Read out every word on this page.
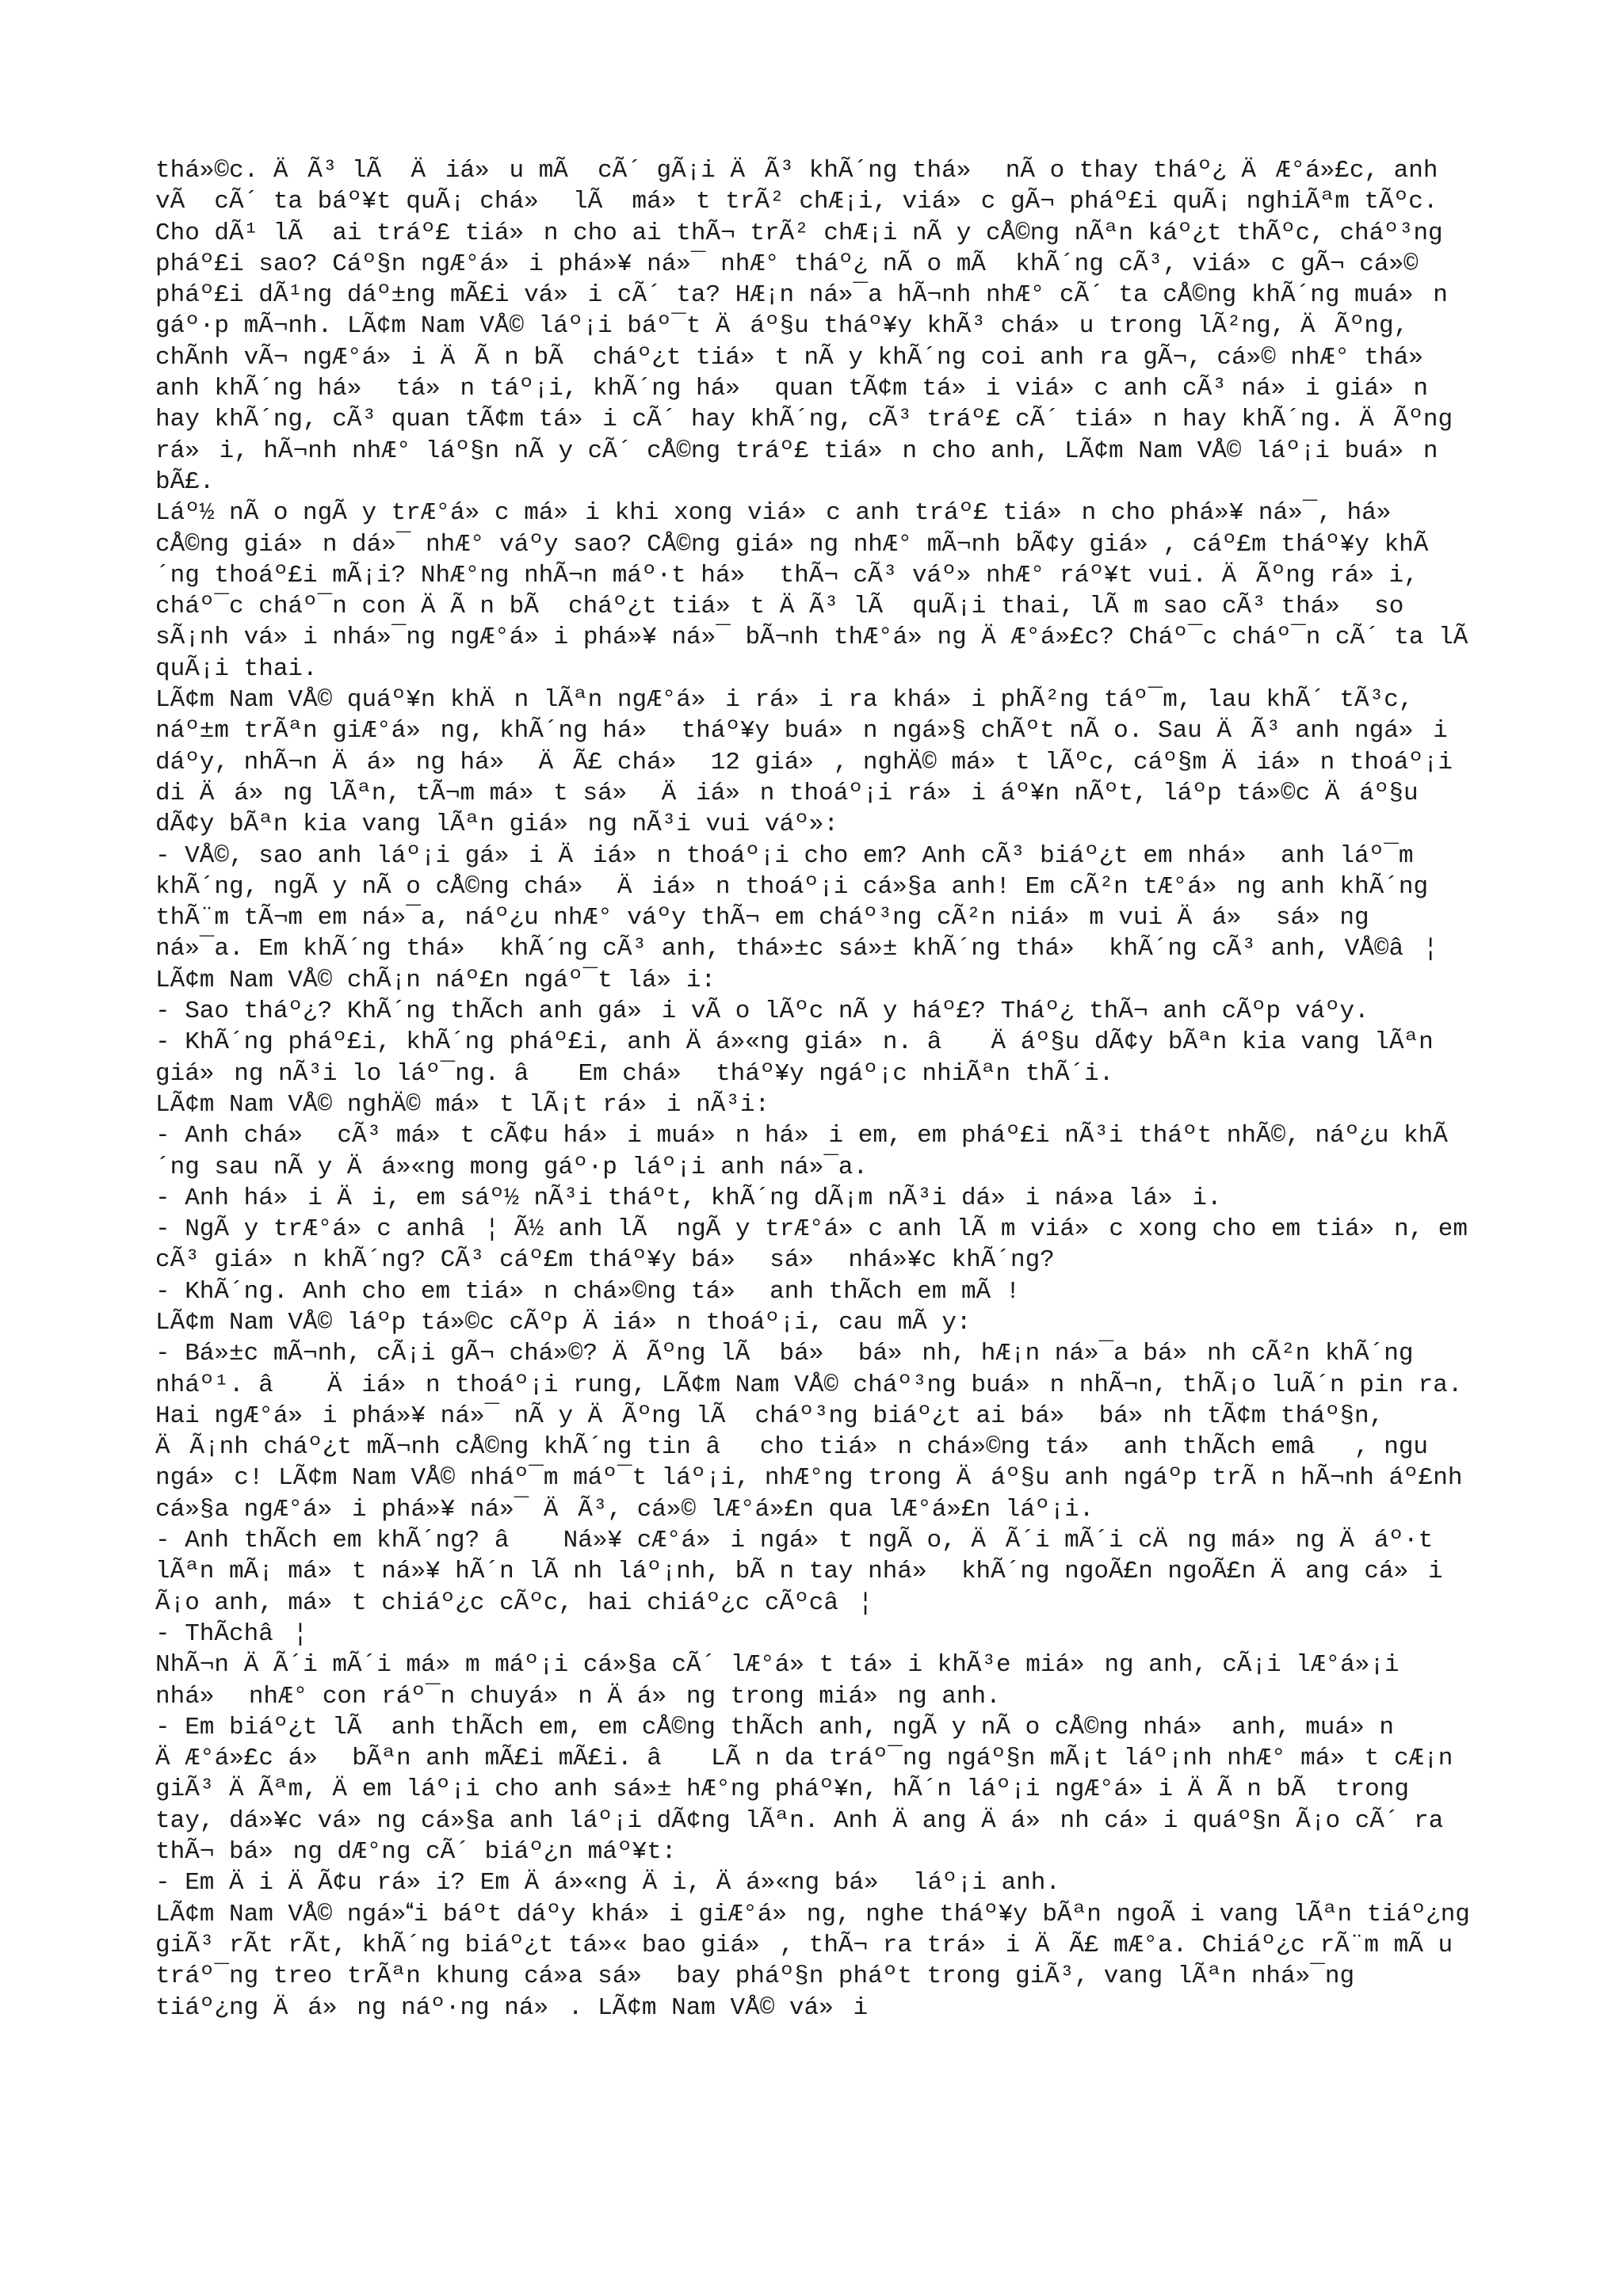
thá»©c. ÄÃ³ lÃ  Äiá»u mÃ  cÃ´ gÃ¡i ÄÃ³ khÃ´ng thá» nÃ o thay tháº¿ ÄÆ°á»£c, anh vÃ  cÃ´ ta báº¥t quÃ¡ chá» lÃ  má»t trÃ² chÆ¡i, viá»c gÃ¬ pháº£i quÃ¡ nghiÃªm tÃºc. Cho dÃ¹ lÃ  ai tráº£ tiá»n cho ai thÃ¬ trÃ² chÆ¡i nÃ y cÅ©ng nÃªn káº¿t thÃºc, cháº³ng pháº£i sao? Cáº§n ngÆ°á»i phá»¥ ná»¯ nhÆ° tháº¿ nÃ o mÃ  khÃ´ng cÃ³, viá»c gÃ¬ cá»© pháº£i dÃ¹ng dáº±ng mÃ£i vá»i cÃ´ ta? HÆ¡n ná»¯a hÃ¬nh nhÆ° cÃ´ ta cÅ©ng khÃ´ng muá»n gáº·p mÃ¬nh. LÃ¢m Nam VÅ© láº¡i báº¯t Äáº§u tháº¥y khÃ³ chá»u trong lÃ²ng, ÄÃºng, chÃnh vÃ¬ ngÆ°á»i ÄÃ n bÃ  cháº¿t tiá»t nÃ y khÃ´ng coi anh ra gÃ¬, cá»© nhÆ° thá» anh khÃ´ng há» tá»n táº¡i, khÃ´ng há» quan tÃ¢m tá»i viá»c anh cÃ³ ná»i giá»n hay khÃ´ng, cÃ³ quan tÃ¢m tá»i cÃ´ hay khÃ´ng, cÃ³ tráº£ cÃ´ tiá»n hay khÃ´ng. ÄÃºng rá»i, hÃ¬nh nhÆ° láº§n nÃ y cÃ´ cÅ©ng tráº£ tiá»n cho anh, LÃ¢m Nam VÅ© láº¡i buá»n bÃ£.

Láº½ nÃ o ngÃ y trÆ°á»c má»i khi xong viá»c anh tráº£ tiá»n cho phá»¥ ná»¯, há» cÅ©ng giá»n dá»¯ nhÆ° váºy sao? CÅ©ng giá»ng nhÆ° mÃ¬nh bÃ¢y giá», cáº£m tháº¥y khÃ´ng thoáº£i mÃ¡i? NhÆ°ng nhÃ¬n máº·t há» thÃ¬ cÃ³ váº» nhÆ° ráº¥t vui. ÄÃºng rá»i, cháº¯c cháº¯n con ÄÃ n bÃ  cháº¿t tiá»t ÄÃ³ lÃ  quÃ¡i thai, lÃ m sao cÃ³ thá» so sÃ¡nh vá»i nhá»¯ng ngÆ°á»i phá»¥ ná»¯ bÃ¬nh thÆ°á»ng ÄÆ°á»£c? Cháº¯c cháº¯n cÃ´ ta lÃ  quÃ¡i thai.

LÃ¢m Nam VÅ© quáº¥n khÄn lÃªn ngÆ°á»i rá»i ra khá»i phÃ²ng táº¯m, lau khÃ´ tÃ³c, náº±m trÃªn giÆ°á»ng, khÃ´ng há» tháº¥y buá»n ngá»§ chÃºt nÃ o. Sau ÄÃ³ anh ngá»i dáºy, nhÃ¬n Äá»ng há» ÄÃ£ chá» 12 giá», nghÄ© má»t lÃºc, cáº§m Äiá»n thoáº¡i di Äá»ng lÃªn, tÃ¬m má»t sá» Äiá»n thoáº¡i rá»i áº¥n nÃºt, láºp tá»©c Äáº§u dÃ¢y bÃªn kia vang lÃªn giá»ng nÃ³i vui váº»:

- VÅ©, sao anh láº¡i gá»i Äiá»n thoáº¡i cho em? Anh cÃ³ biáº¿t em nhá» anh láº¯m khÃ´ng, ngÃ y nÃ o cÅ©ng chá» Äiá»n thoáº¡i cá»§a anh! Em cÃ²n tÆ°á»ng anh khÃ´ng thÃ¨m tÃ¬m em ná»¯a, náº¿u nhÆ° váºy thÃ¬ em cháº³ng cÃ²n niá»m vui Äá» sá»ng ná»¯a. Em khÃ´ng thá» khÃ´ng cÃ³ anh, thá»±c sá»± khÃ´ng thá» khÃ´ng cÃ³ anh, VÅ©â¦

LÃ¢m Nam VÅ© chÃ¡n náº£n ngáº¯t lá»i:

- Sao tháº¿? KhÃ´ng thÃch anh gá»i vÃ o lÃºc nÃ y háº£? Tháº¿ thÃ¬ anh cÃºp váºy.

- KhÃ´ng pháº£i, khÃ´ng pháº£i, anh Äá»«ng giá»n. â Äáº§u dÃ¢y bÃªn kia vang lÃªn giá»ng nÃ³i lo láº¯ng. â Em chá» tháº¥y ngáº¡c nhiÃªn thÃ´i.

LÃ¢m Nam VÅ© nghÄ© má»t lÃ¡t rá»i nÃ³i:

- Anh chá» cÃ³ má»t cÃ¢u há»i muá»n há»i em, em pháº£i nÃ³i tháºt nhÃ©, náº¿u khÃ´ng sau nÃ y Äá»«ng mong gáº·p láº¡i anh ná»¯a.

- Anh há»i Äi, em sáº½ nÃ³i tháºt, khÃ´ng dÃ¡m nÃ³i dá»i ná»a lá»i.

- NgÃ y trÆ°á»c anhâ¦ Ã½ anh lÃ  ngÃ y trÆ°á»c anh lÃ m viá»c xong cho em tiá»n, em cÃ³ giá»n khÃ´ng? CÃ³ cáº£m tháº¥y bá» sá» nhá»¥c khÃ´ng?

- KhÃ´ng. Anh cho em tiá»n chá»©ng tá» anh thÃch em mÃ !

LÃ¢m Nam VÅ© láºp tá»©c cÃºp Äiá»n thoáº¡i, cau mÃ y:

- Bá»±c mÃ¬nh, cÃ¡i gÃ¬ chá»©? ÄÃºng lÃ  bá» bá»nh, hÆ¡n ná»¯a bá»nh cÃ²n khÃ´ng nháº¹. â Äiá»n thoáº¡i rung, LÃ¢m Nam VÅ© cháº³ng buá»n nhÃ¬n, thÃ¡o luÃ´n pin ra. Hai ngÆ°á»i phá»¥ ná»¯ nÃ y ÄÃºng lÃ  cháº³ng biáº¿t ai bá» bá»nh tÃ¢m tháº§n, ÄÃ¡nh cháº¿t mÃ¬nh cÅ©ng khÃ´ng tin âcho tiá»n chá»©ng tá» anh thÃch emâ, ngu ngá»c! LÃ¢m Nam VÅ© nháº¯m máº¯t láº¡i, nhÆ°ng trong Äáº§u anh ngáºp trÃ n hÃ¬nh áº£nh cá»§a ngÆ°á»i phá»¥ ná»¯ ÄÃ³, cá»© lÆ°á»£n qua lÆ°á»£n láº¡i.

- Anh thÃch em khÃ´ng? â Ná»¥ cÆ°á»i ngá»t ngÃ o, ÄÃ´i mÃ´i cÄng má»ng Äáº·t lÃªn mÃ¡ má»t ná»¥ hÃ´n lÃ nh láº¡nh, bÃ n tay nhá» khÃ´ng ngoÃ£n ngoÃ£n Äang cá»i Ã¡o anh, má»t chiáº¿c cÃºc, hai chiáº¿c cÃºcâ¦

- ThÃchâ¦

NhÃ¬n ÄÃ´i mÃ´i má»m máº¡i cá»§a cÃ´ lÆ°á»t tá»i khÃ³e miá»ng anh, cÃ¡i lÆ°á»¡i nhá» nhÆ° con ráº¯n chuyá»n Äá»ng trong miá»ng anh.

- Em biáº¿t lÃ  anh thÃch em, em cÅ©ng thÃch anh, ngÃ y nÃ o cÅ©ng nhá» anh, muá»n ÄÆ°á»£c á» bÃªn anh mÃ£i mÃ£i. â LÃ n da tráº¯ng ngáº§n mÃ¡t láº¡nh nhÆ° má»t cÆ¡n giÃ³ ÄÃªm, Äem láº¡i cho anh sá»± hÆ°ng pháº¥n, hÃ´n láº¡i ngÆ°á»i ÄÃ n bÃ  trong tay, dá»¥c vá»ng cá»§a anh láº¡i dÃ¢ng lÃªn. Anh Äang Äá»nh cá»i quáº§n Ã¡o cÃ´ ra thÃ¬ bá»ng dÆ°ng cÃ´ biáº¿n máº¥t:

- Em Äi ÄÃ¢u rá»i? Em Äá»«ng Äi, Äá»«ng bá» láº¡i anh.

LÃ¢m Nam VÅ© ngá»i báºt dáºy khá»i giÆ°á»ng, nghe tháº¥y bÃªn ngoÃ i vang lÃªn tiáº¿ng giÃ³ rÃt rÃt, khÃ´ng biáº¿t tá»« bao giá», thÃ¬ ra trá»i ÄÃ£ mÆ°a. Chiáº¿c rÃ¨m mÃ u tráº¯ng treo trÃªn khung cá»a sá» bay pháº§n pháºt trong giÃ³, vang lÃªn nhá»¯ng tiáº¿ng Äá»ng náº·ng ná». LÃ¢m Nam VÅ© vá»i
